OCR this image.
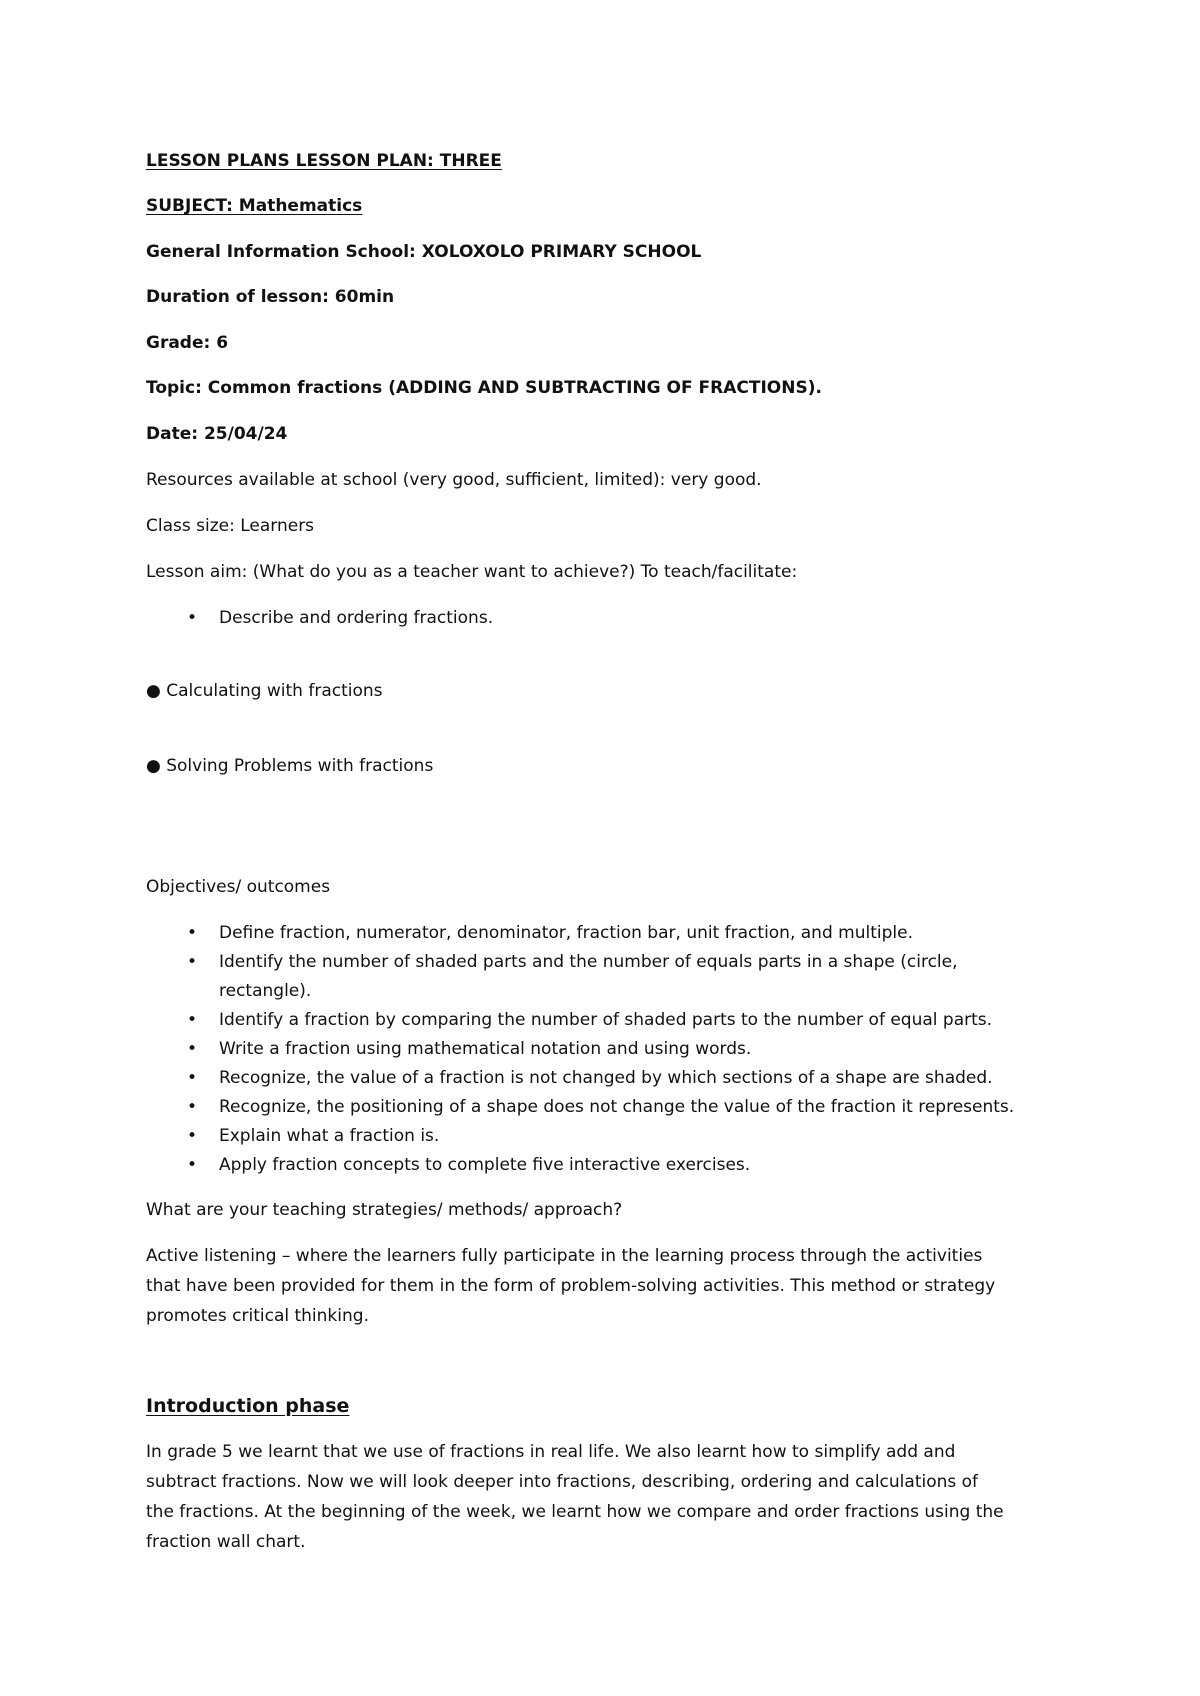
LESSON PLANS LESSON PLAN: THREE
SUBJECT: Mathematics
General Information School: XOLOXOLO PRIMARY SCHOOL
Duration of lesson: 60min
Grade: 6
Topic: Common fractions (ADDING AND SUBTRACTING OF FRACTIONS).
Date: 25/04/24
Resources available at school (very good, sufficient, limited): very good.
Class size: Learners
Lesson aim: (What do you as a teacher want to achieve?) To teach/facilitate:
• Describe and ordering fractions.
● Calculating with fractions
● Solving Problems with fractions
Objectives/ outcomes
• Define fraction, numerator, denominator, fraction bar, unit fraction, and multiple.
• Identify the number of shaded parts and the number of equals parts in a shape (circle,
rectangle).
• Identify a fraction by comparing the number of shaded parts to the number of equal parts.
• Write a fraction using mathematical notation and using words.
• Recognize, the value of a fraction is not changed by which sections of a shape are shaded.
• Recognize, the positioning of a shape does not change the value of the fraction it represents.
• Explain what a fraction is.
• Apply fraction concepts to complete five interactive exercises.
What are your teaching strategies/ methods/ approach?
Active listening – where the learners fully participate in the learning process through the activities
that have been provided for them in the form of problem-solving activities. This method or strategy
promotes critical thinking.
Introduction phase
In grade 5 we learnt that we use of fractions in real life. We also learnt how to simplify add and
subtract fractions. Now we will look deeper into fractions, describing, ordering and calculations of
the fractions. At the beginning of the week, we learnt how we compare and order fractions using the
fraction wall chart.
